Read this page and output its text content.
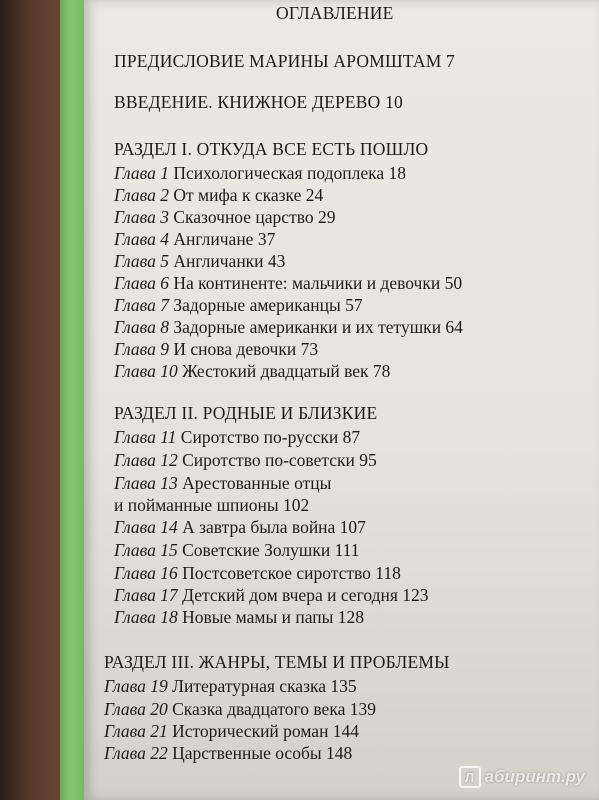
ОГЛАВЛЕНИЕ
ПРЕДИСЛОВИЕ МАРИНЫ АРОМШТАМ 7
ВВЕДЕНИЕ. КНИЖНОЕ ДЕРЕВО 10
РАЗДЕЛ I. ОТКУДА ВСЕ ЕСТЬ ПОШЛО
Глава 1 Психологическая подоплека 18
Глава 2 От мифа к сказке 24
Глава 3 Сказочное царство 29
Глава 4 Англичане 37
Глава 5 Англичанки 43
Глава 6 На континенте: мальчики и девочки 50
Глава 7 Задорные американцы 57
Глава 8 Задорные американки и их тетушки 64
Глава 9 И снова девочки 73
Глава 10 Жестокий двадцатый век 78
РАЗДЕЛ II. РОДНЫЕ И БЛИЗКИЕ
Глава 11 Сиротство по-русски 87
Глава 12 Сиротство по-советски 95
Глава 13 Арестованные отцы
и пойманные шпионы 102
Глава 14 А завтра была война 107
Глава 15 Советские Золушки 111
Глава 16 Постсоветское сиротство 118
Глава 17 Детский дом вчера и сегодня 123
Глава 18 Новые мамы и папы 128
РАЗДЕЛ III. ЖАНРЫ, ТЕМЫ И ПРОБЛЕМЫ
Глава 19 Литературная сказка 135
Глава 20 Сказка двадцатого века 139
Глава 21 Исторический роман 144
Глава 22 Царственные особы 148
Л абиринт.ру
